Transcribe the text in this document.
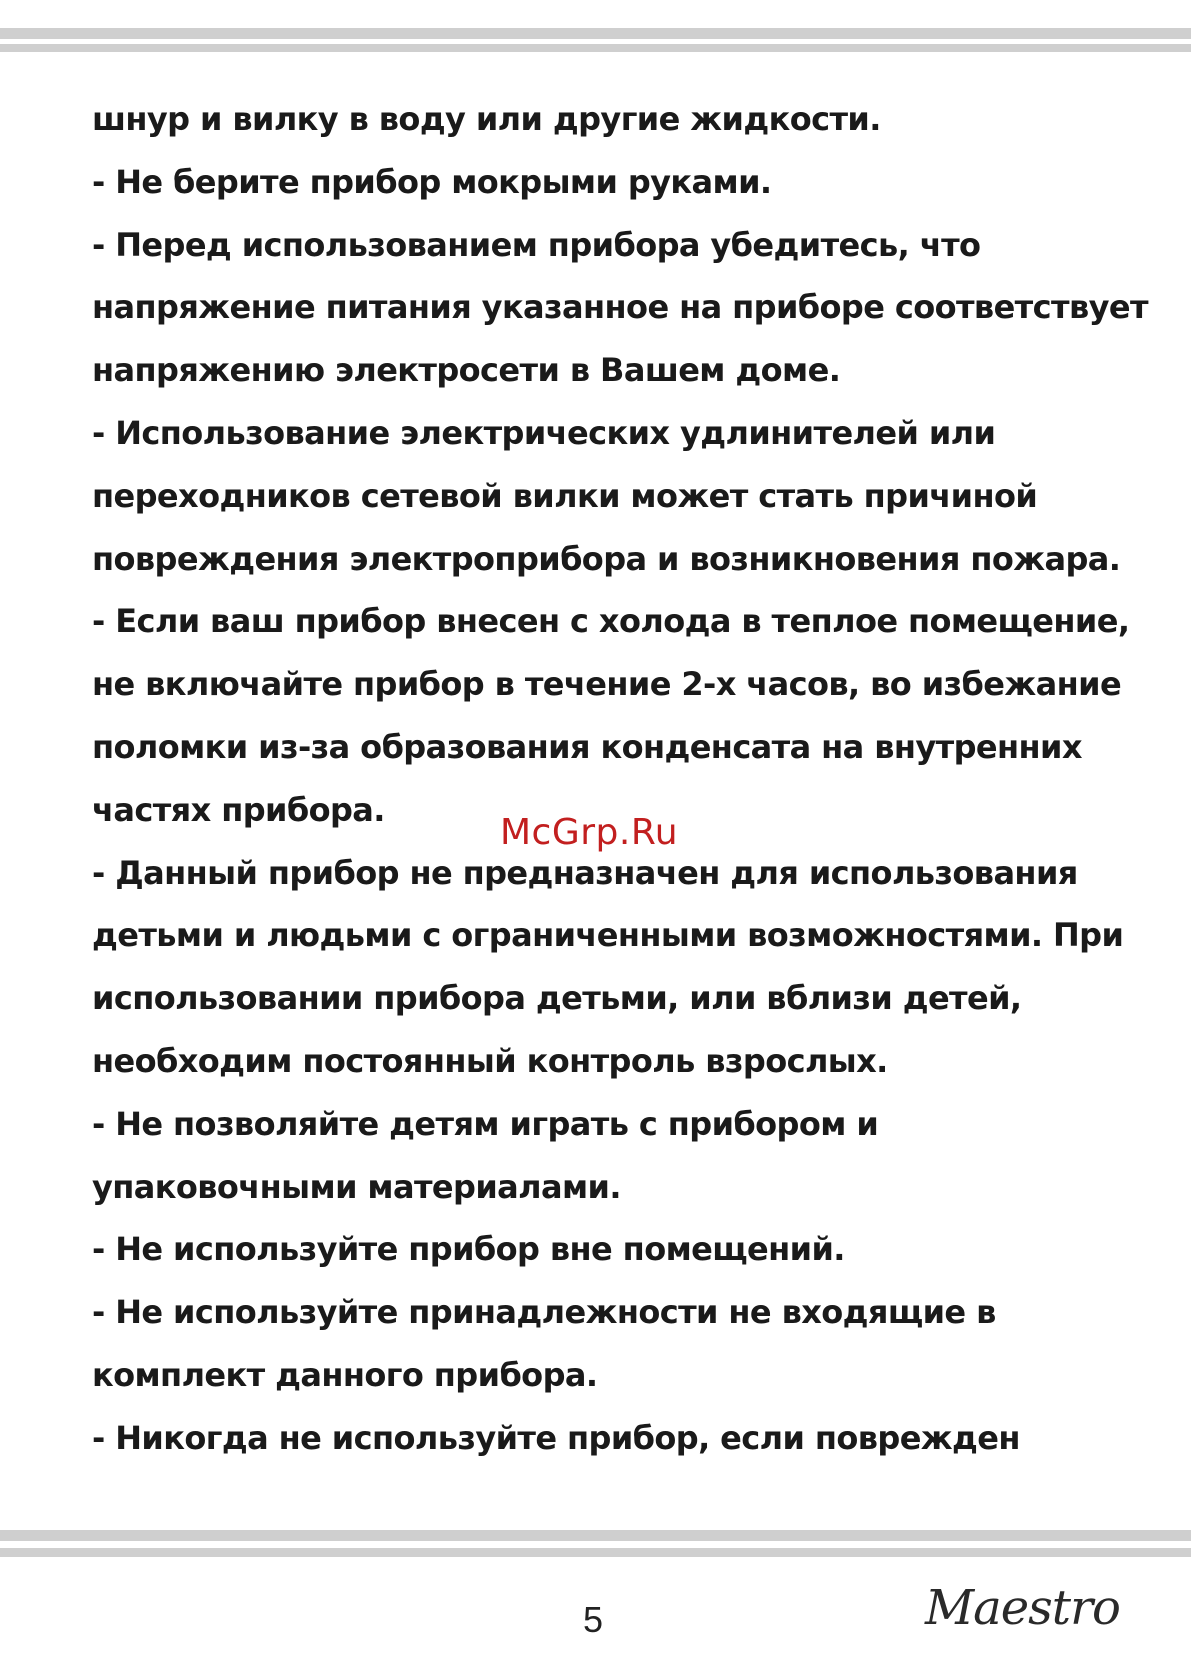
шнур и вилку в воду или другие жидкости.
- Не берите прибор мокрыми руками.
- Перед использованием прибора убедитесь, что
напряжение питания указанное на приборе соответствует
напряжению электросети в Вашем доме.
- Использование электрических удлинителей или
переходников сетевой вилки может стать причиной
повреждения электроприбора и возникновения пожара.
- Если ваш прибор внесен с холода в теплое помещение,
не включайте прибор в течение 2-х часов, во избежание
поломки из-за образования конденсата на внутренних
частях прибора.
- Данный прибор не предназначен для использования
детьми и людьми с ограниченными возможностями. При
использовании прибора детьми, или вблизи детей,
необходим постоянный контроль взрослых.
- Не позволяйте детям играть с прибором и
упаковочными материалами.
- Не используйте прибор вне помещений.
- Не используйте принадлежности не входящие в
комплект данного прибора.
- Никогда не используйте прибор, если поврежден
McGrp.Ru
5	Maestro
